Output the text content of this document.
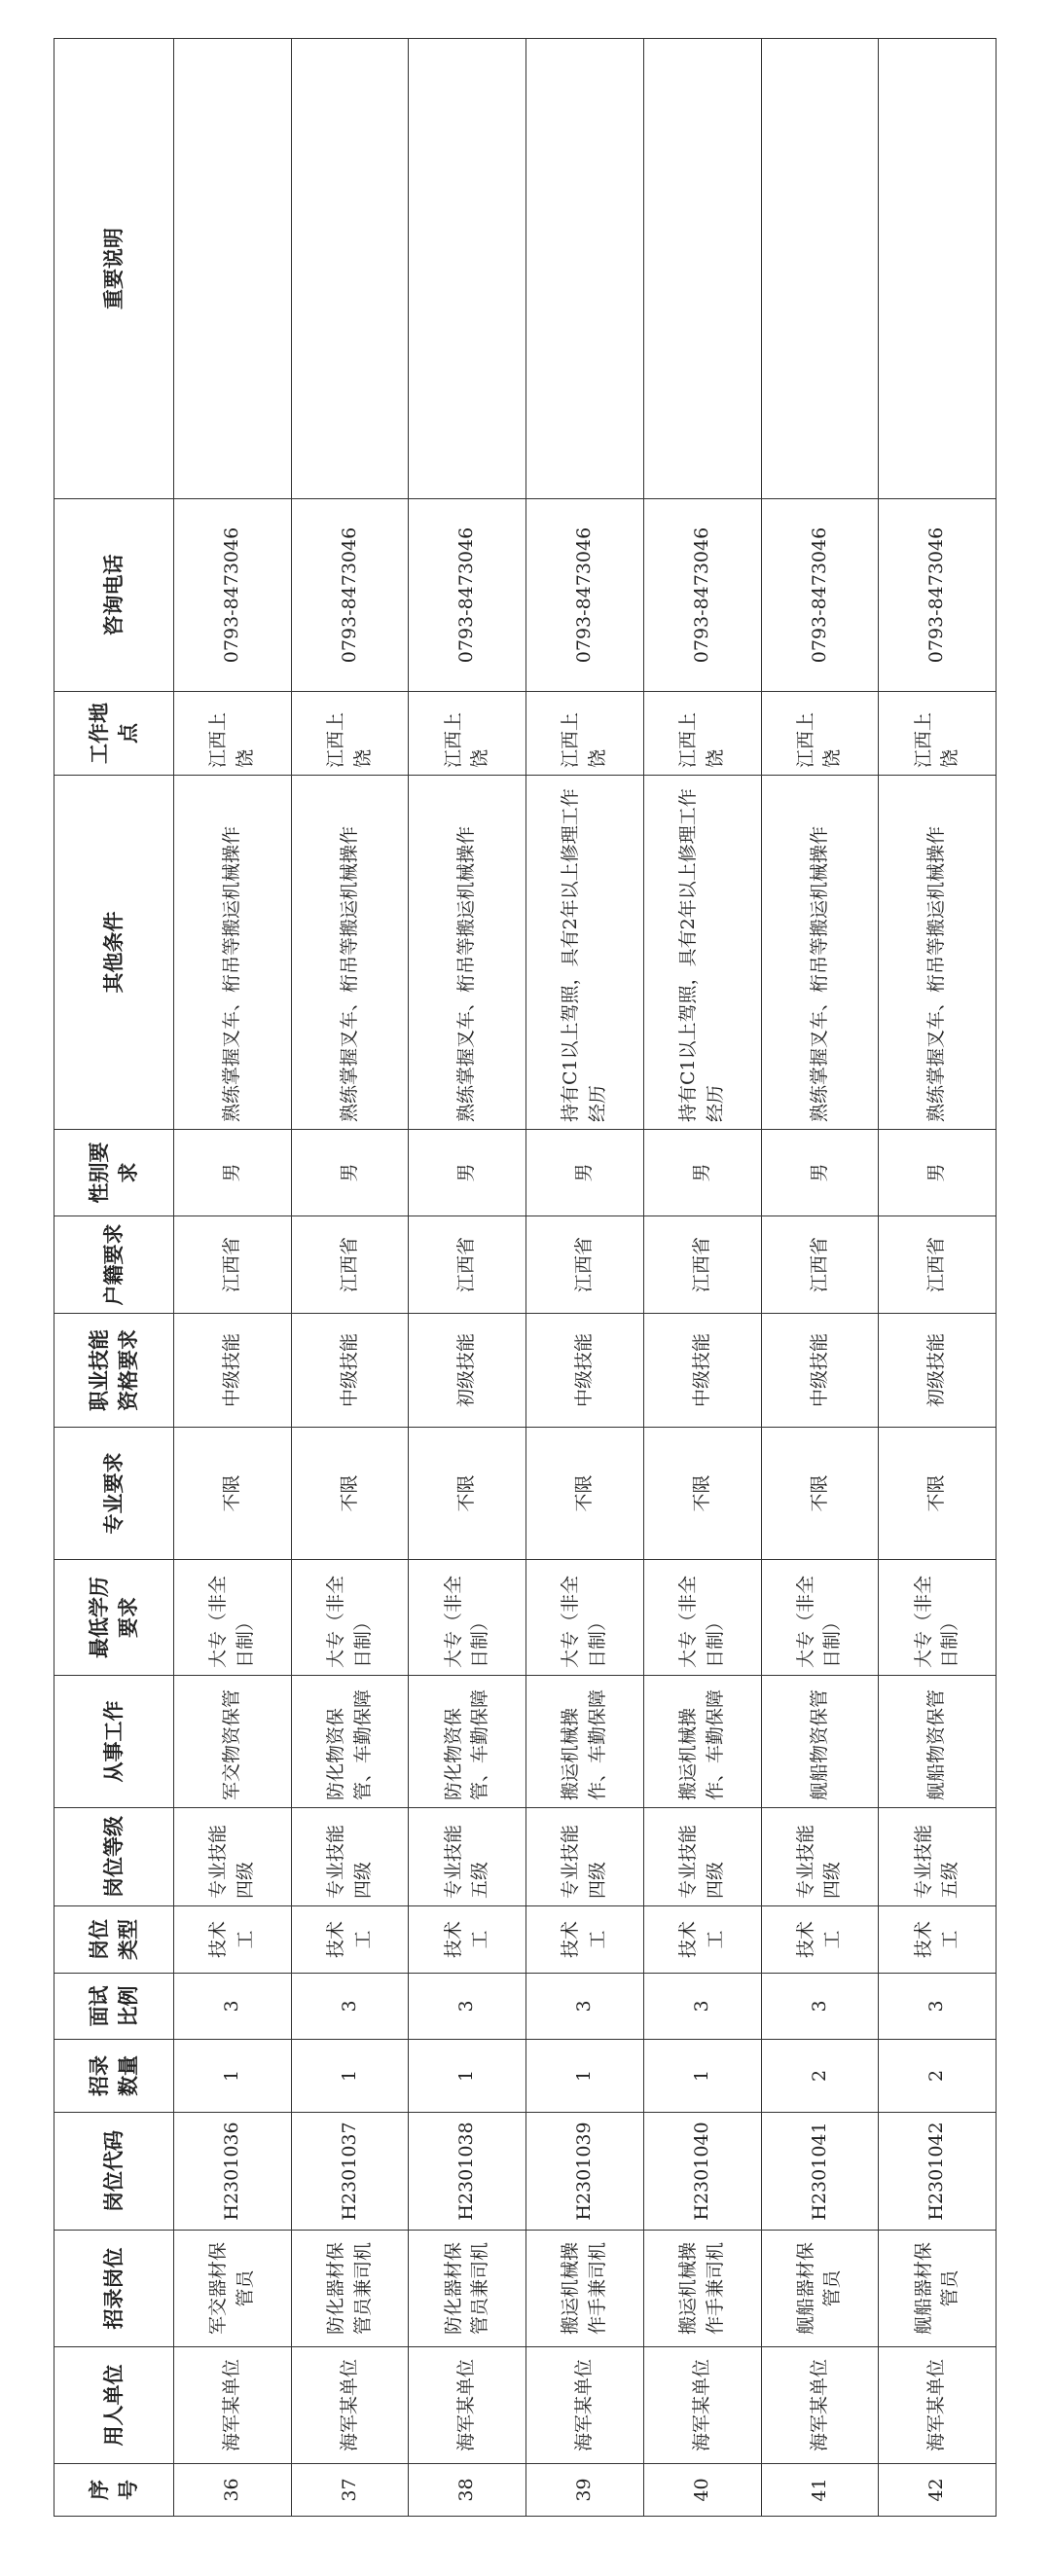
序号	用人单位	招录岗位	岗位代码	招录数量	面试比例	岗位类型	岗位等级	从事工作	最低学历要求	专业要求	职业技能资格要求	户籍要求	性别要求	其他条件	工作地点	咨询电话	重要说明
36	海军某单位	军交器材保管员	H2301036	1	3	技术工	专业技能四级	军交物资保管	大专（非全日制）	不限	中级技能	江西省	男	熟练掌握叉车、桁吊等搬运机械操作	江西上饶	0793-8473046	
37	海军某单位	防化器材保管员兼司机	H2301037	1	3	技术工	专业技能四级	防化物资保管、车勤保障	大专（非全日制）	不限	中级技能	江西省	男	熟练掌握叉车、桁吊等搬运机械操作	江西上饶	0793-8473046	
38	海军某单位	防化器材保管员兼司机	H2301038	1	3	技术工	专业技能五级	防化物资保管、车勤保障	大专（非全日制）	不限	初级技能	江西省	男	熟练掌握叉车、桁吊等搬运机械操作	江西上饶	0793-8473046	
39	海军某单位	搬运机械操作手兼司机	H2301039	1	3	技术工	专业技能四级	搬运机械操作、车勤保障	大专（非全日制）	不限	中级技能	江西省	男	持有C1以上驾照，具有2年以上修理工作经历	江西上饶	0793-8473046	
40	海军某单位	搬运机械操作手兼司机	H2301040	1	3	技术工	专业技能四级	搬运机械操作、车勤保障	大专（非全日制）	不限	中级技能	江西省	男	持有C1以上驾照，具有2年以上修理工作经历	江西上饶	0793-8473046	
41	海军某单位	舰船器材保管员	H2301041	2	3	技术工	专业技能四级	舰船物资保管	大专（非全日制）	不限	中级技能	江西省	男	熟练掌握叉车、桁吊等搬运机械操作	江西上饶	0793-8473046	
42	海军某单位	舰船器材保管员	H2301042	2	3	技术工	专业技能五级	舰船物资保管	大专（非全日制）	不限	初级技能	江西省	男	熟练掌握叉车、桁吊等搬运机械操作	江西上饶	0793-8473046	
